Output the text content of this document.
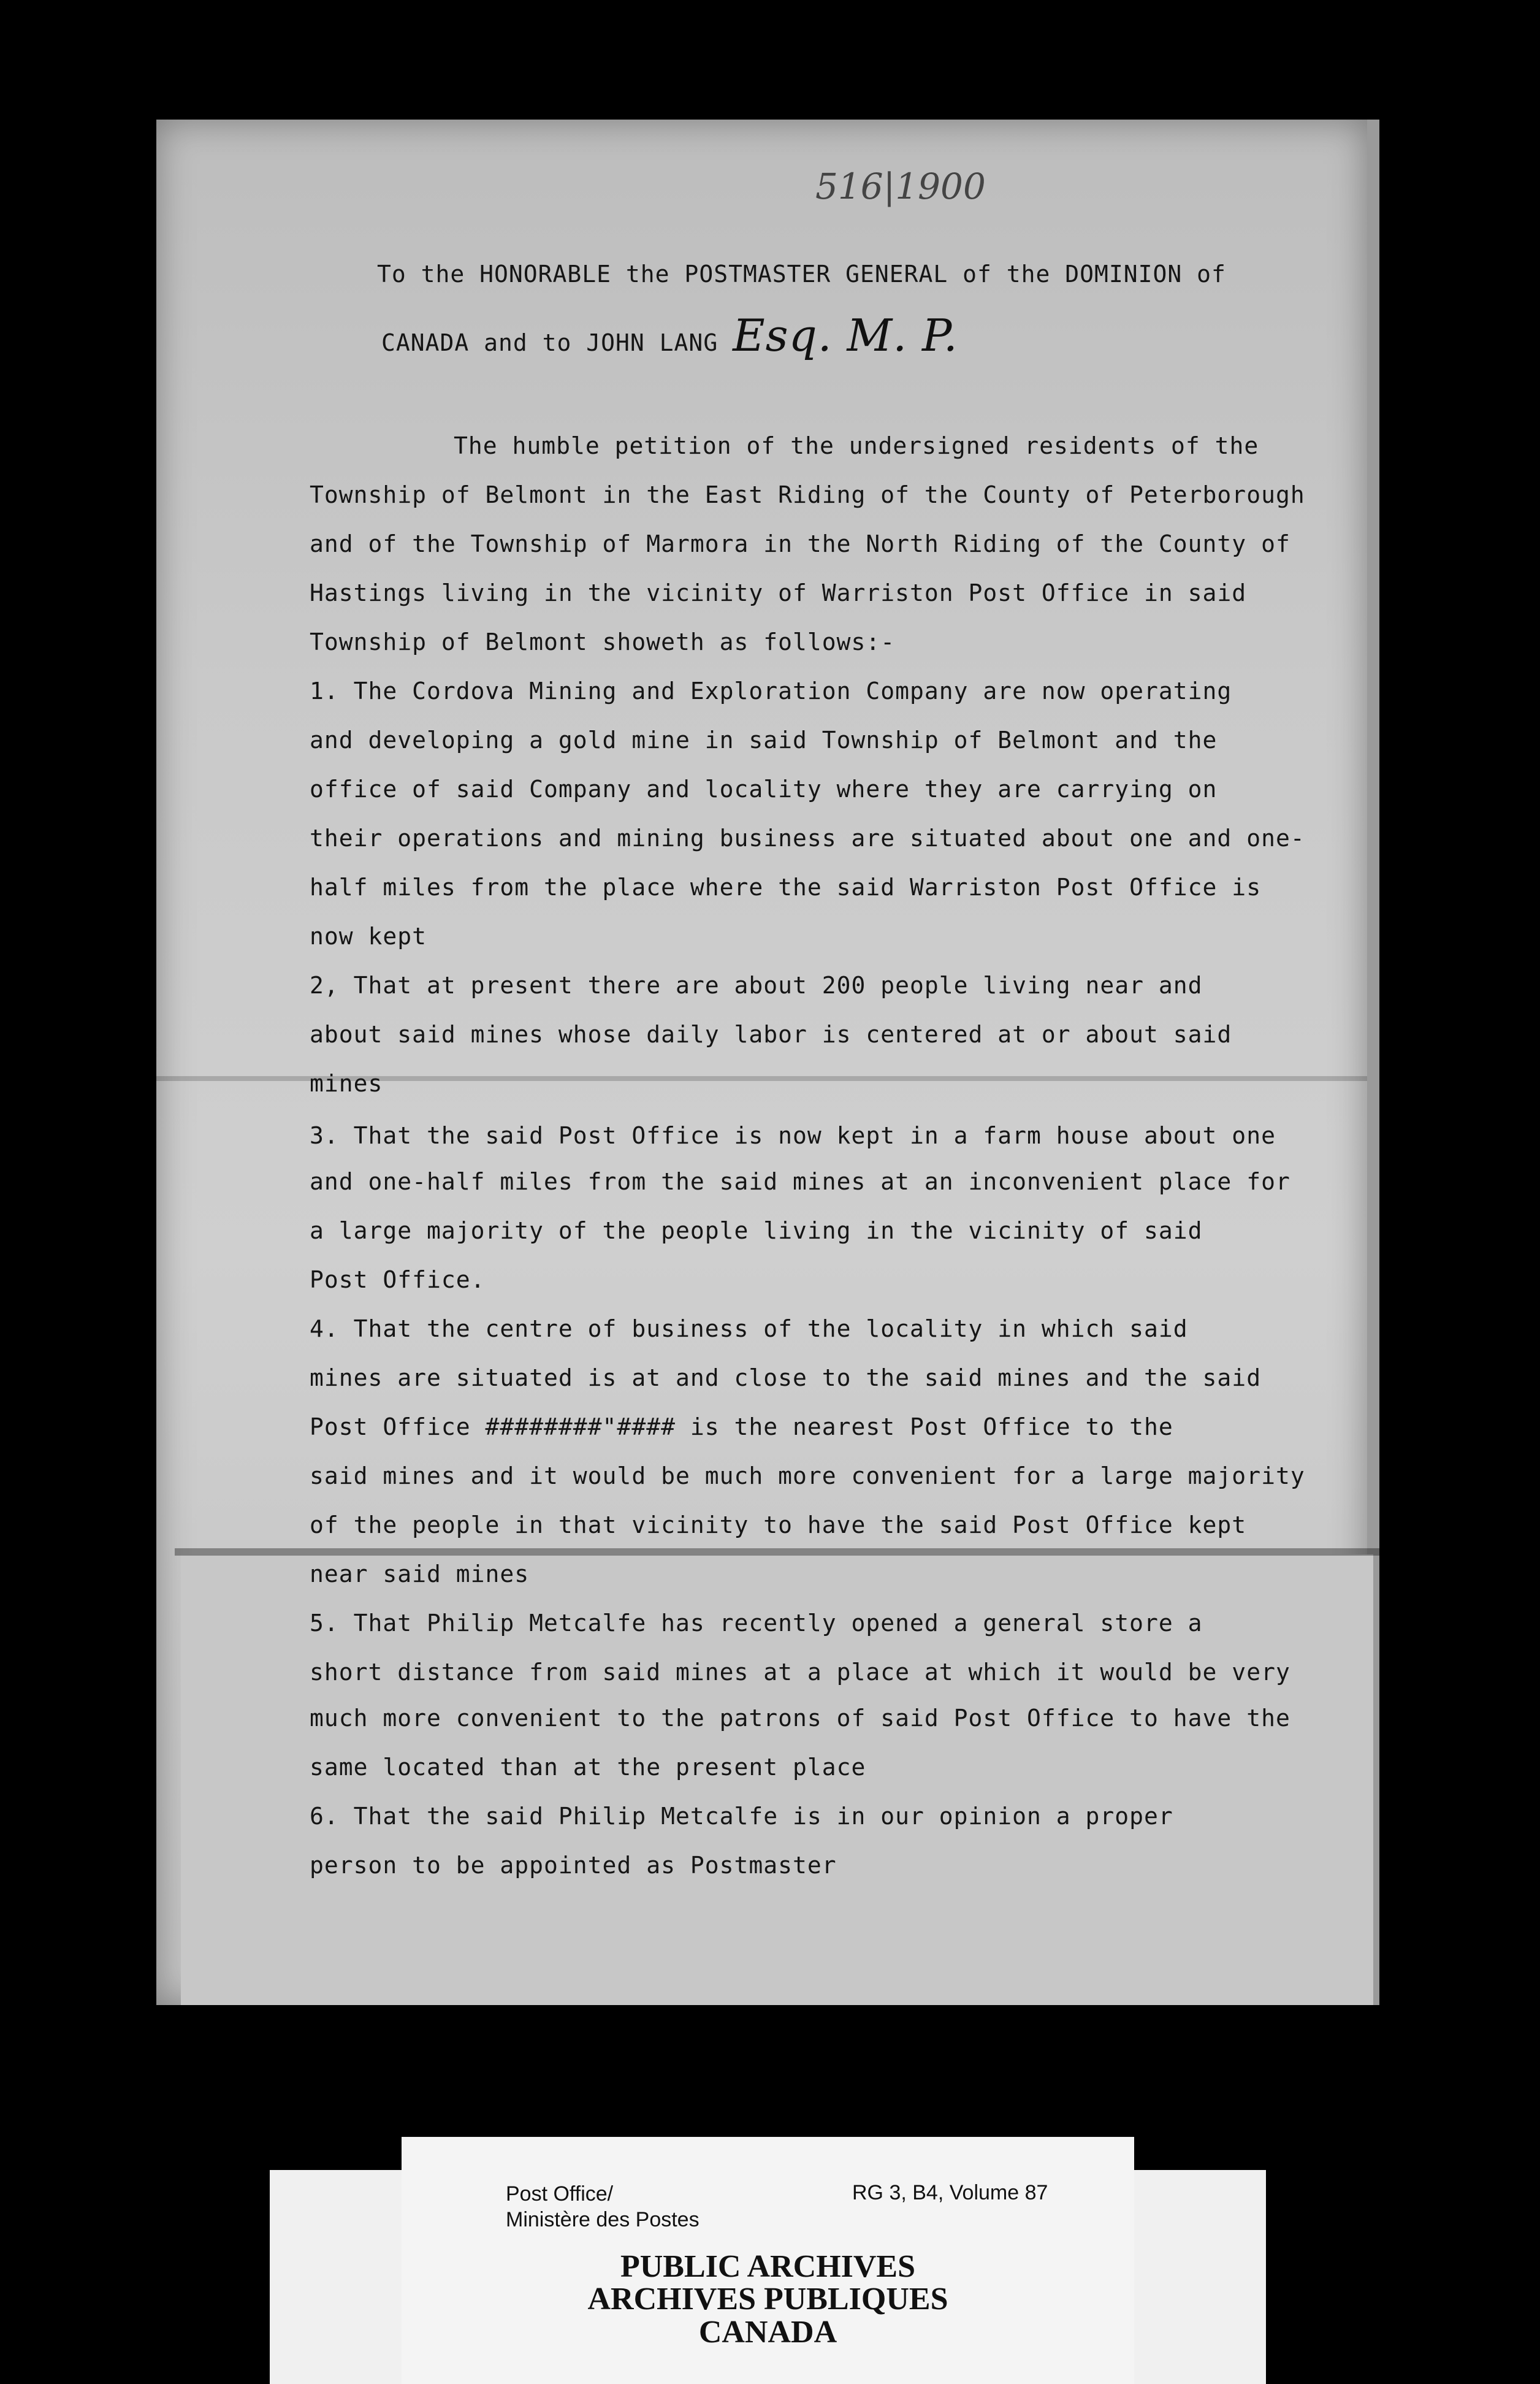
516|1900
To the HONORABLE the POSTMASTER GENERAL of the DOMINION of
CANADA and to JOHN LANG Esq. M. P.
The humble petition of the undersigned residents of the
Township of Belmont in the East Riding of the County of Peterborough
and of the Township of Marmora in the North Riding of the County of
Hastings living in the vicinity of Warriston Post Office in said
Township of Belmont showeth as follows:-
1. The Cordova Mining and Exploration Company are now operating
and developing a gold mine in said Township of Belmont and the
office of said Company and locality where they are carrying on
their operations and mining business are situated about one and one-
half miles from the place where the said Warriston Post Office is
now kept
2, That at present there are about 200 people living near and
about said mines whose daily labor is centered at or about said
mines
3. That the said Post Office is now kept in a farm house about one
and one-half miles from the said mines at an inconvenient place for
a large majority of the people living in the vicinity of said
Post Office.
4. That the centre of business of the locality in which said
mines are situated is at and close to the said mines and the said
Post Office ########"#### is the nearest Post Office to the
said mines and it would be much more convenient for a large majority
of the people in that vicinity to have the said Post Office kept
near said mines
5. That Philip Metcalfe has recently opened a general store a
short distance from said mines at a place at which it would be very
much more convenient to the patrons of said Post Office to have the
same located than at the present place
6. That the said Philip Metcalfe is in our opinion a proper
person to be appointed as Postmaster
Post Office/
Ministère des Postes
RG 3, B4, Volume 87
PUBLIC ARCHIVES
ARCHIVES PUBLIQUES
CANADA
